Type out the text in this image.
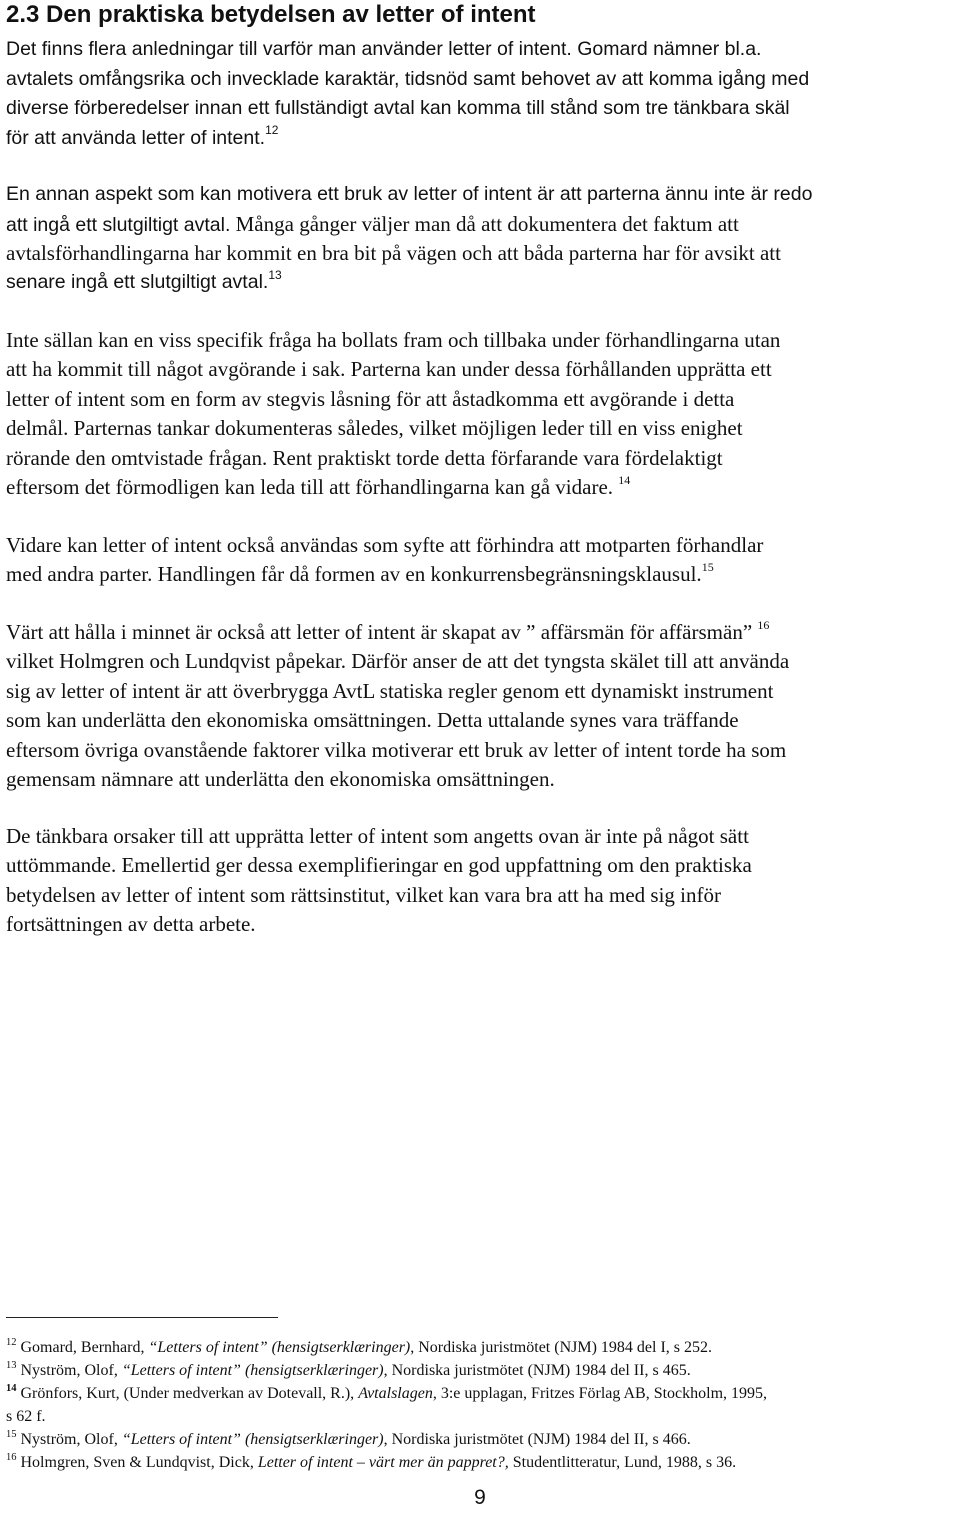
2.3 Den praktiska betydelsen av letter of intent
Det finns flera anledningar till varför man använder letter of intent. Gomard nämner bl.a.
avtalets omfångsrika och invecklade karaktär, tidsnöd samt behovet av att komma igång med
diverse förberedelser innan ett fullständigt avtal kan komma till stånd som tre tänkbara skäl
för att använda letter of intent.$^{12}$
En annan aspekt som kan motivera ett bruk av letter of intent är att parterna ännu inte är redo
att ingå ett slutgiltigt avtal. Många gånger väljer man då att dokumentera det faktum att
avtalsförhandlingarna har kommit en bra bit på vägen och att båda parterna har för avsikt att
senare ingå ett slutgiltigt avtal.$^{13}$
Inte sällan kan en viss specifik fråga ha bollats fram och tillbaka under förhandlingarna utan
att ha kommit till något avgörande i sak. Parterna kan under dessa förhållanden upprätta ett
letter of intent som en form av stegvis låsning för att åstadkomma ett avgörande i detta
delmål. Parternas tankar dokumenteras således, vilket möjligen leder till en viss enighet
rörande den omtvistade frågan. Rent praktiskt torde detta förfarande vara fördelaktigt
eftersom det förmodligen kan leda till att förhandlingarna kan gå vidare. $^{14}$
Vidare kan letter of intent också användas som syfte att förhindra att motparten förhandlar
med andra parter. Handlingen får då formen av en konkurrensbegränsningsklausul.$^{15}$
Värt att hålla i minnet är också att letter of intent är skapat av ” affärsmän för affärsmän” $^{16}$
vilket Holmgren och Lundqvist påpekar. Därför anser de att det tyngsta skälet till att använda
sig av letter of intent är att överbrygga AvtL statiska regler genom ett dynamiskt instrument
som kan underlätta den ekonomiska omsättningen. Detta uttalande synes vara träffande
eftersom övriga ovanstående faktorer vilka motiverar ett bruk av letter of intent torde ha som
gemensam nämnare att underlätta den ekonomiska omsättningen.
De tänkbara orsaker till att upprätta letter of intent som angetts ovan är inte på något sätt
uttömmande. Emellertid ger dessa exemplifieringar en god uppfattning om den praktiska
betydelsen av letter of intent som rättsinstitut, vilket kan vara bra att ha med sig inför
fortsättningen av detta arbete.
$^{12}$ Gomard, Bernhard, “Letters of intent” (hensigtserklæringer), Nordiska juristmötet (NJM) 1984 del I, s 252.
$^{13}$ Nyström, Olof, “Letters of intent” (hensigtserklæringer), Nordiska juristmötet (NJM) 1984 del II, s 465.
$^{14}$ Grönfors, Kurt, (Under medverkan av Dotevall, R.), Avtalslagen, 3:e upplagan, Fritzes Förlag AB, Stockholm, 1995,
s 62 f.
$^{15}$ Nyström, Olof, “Letters of intent” (hensigtserklæringer), Nordiska juristmötet (NJM) 1984 del II, s 466.
$^{16}$ Holmgren, Sven & Lundqvist, Dick, Letter of intent – värt mer än pappret?, Studentlitteratur, Lund, 1988, s 36.
9
